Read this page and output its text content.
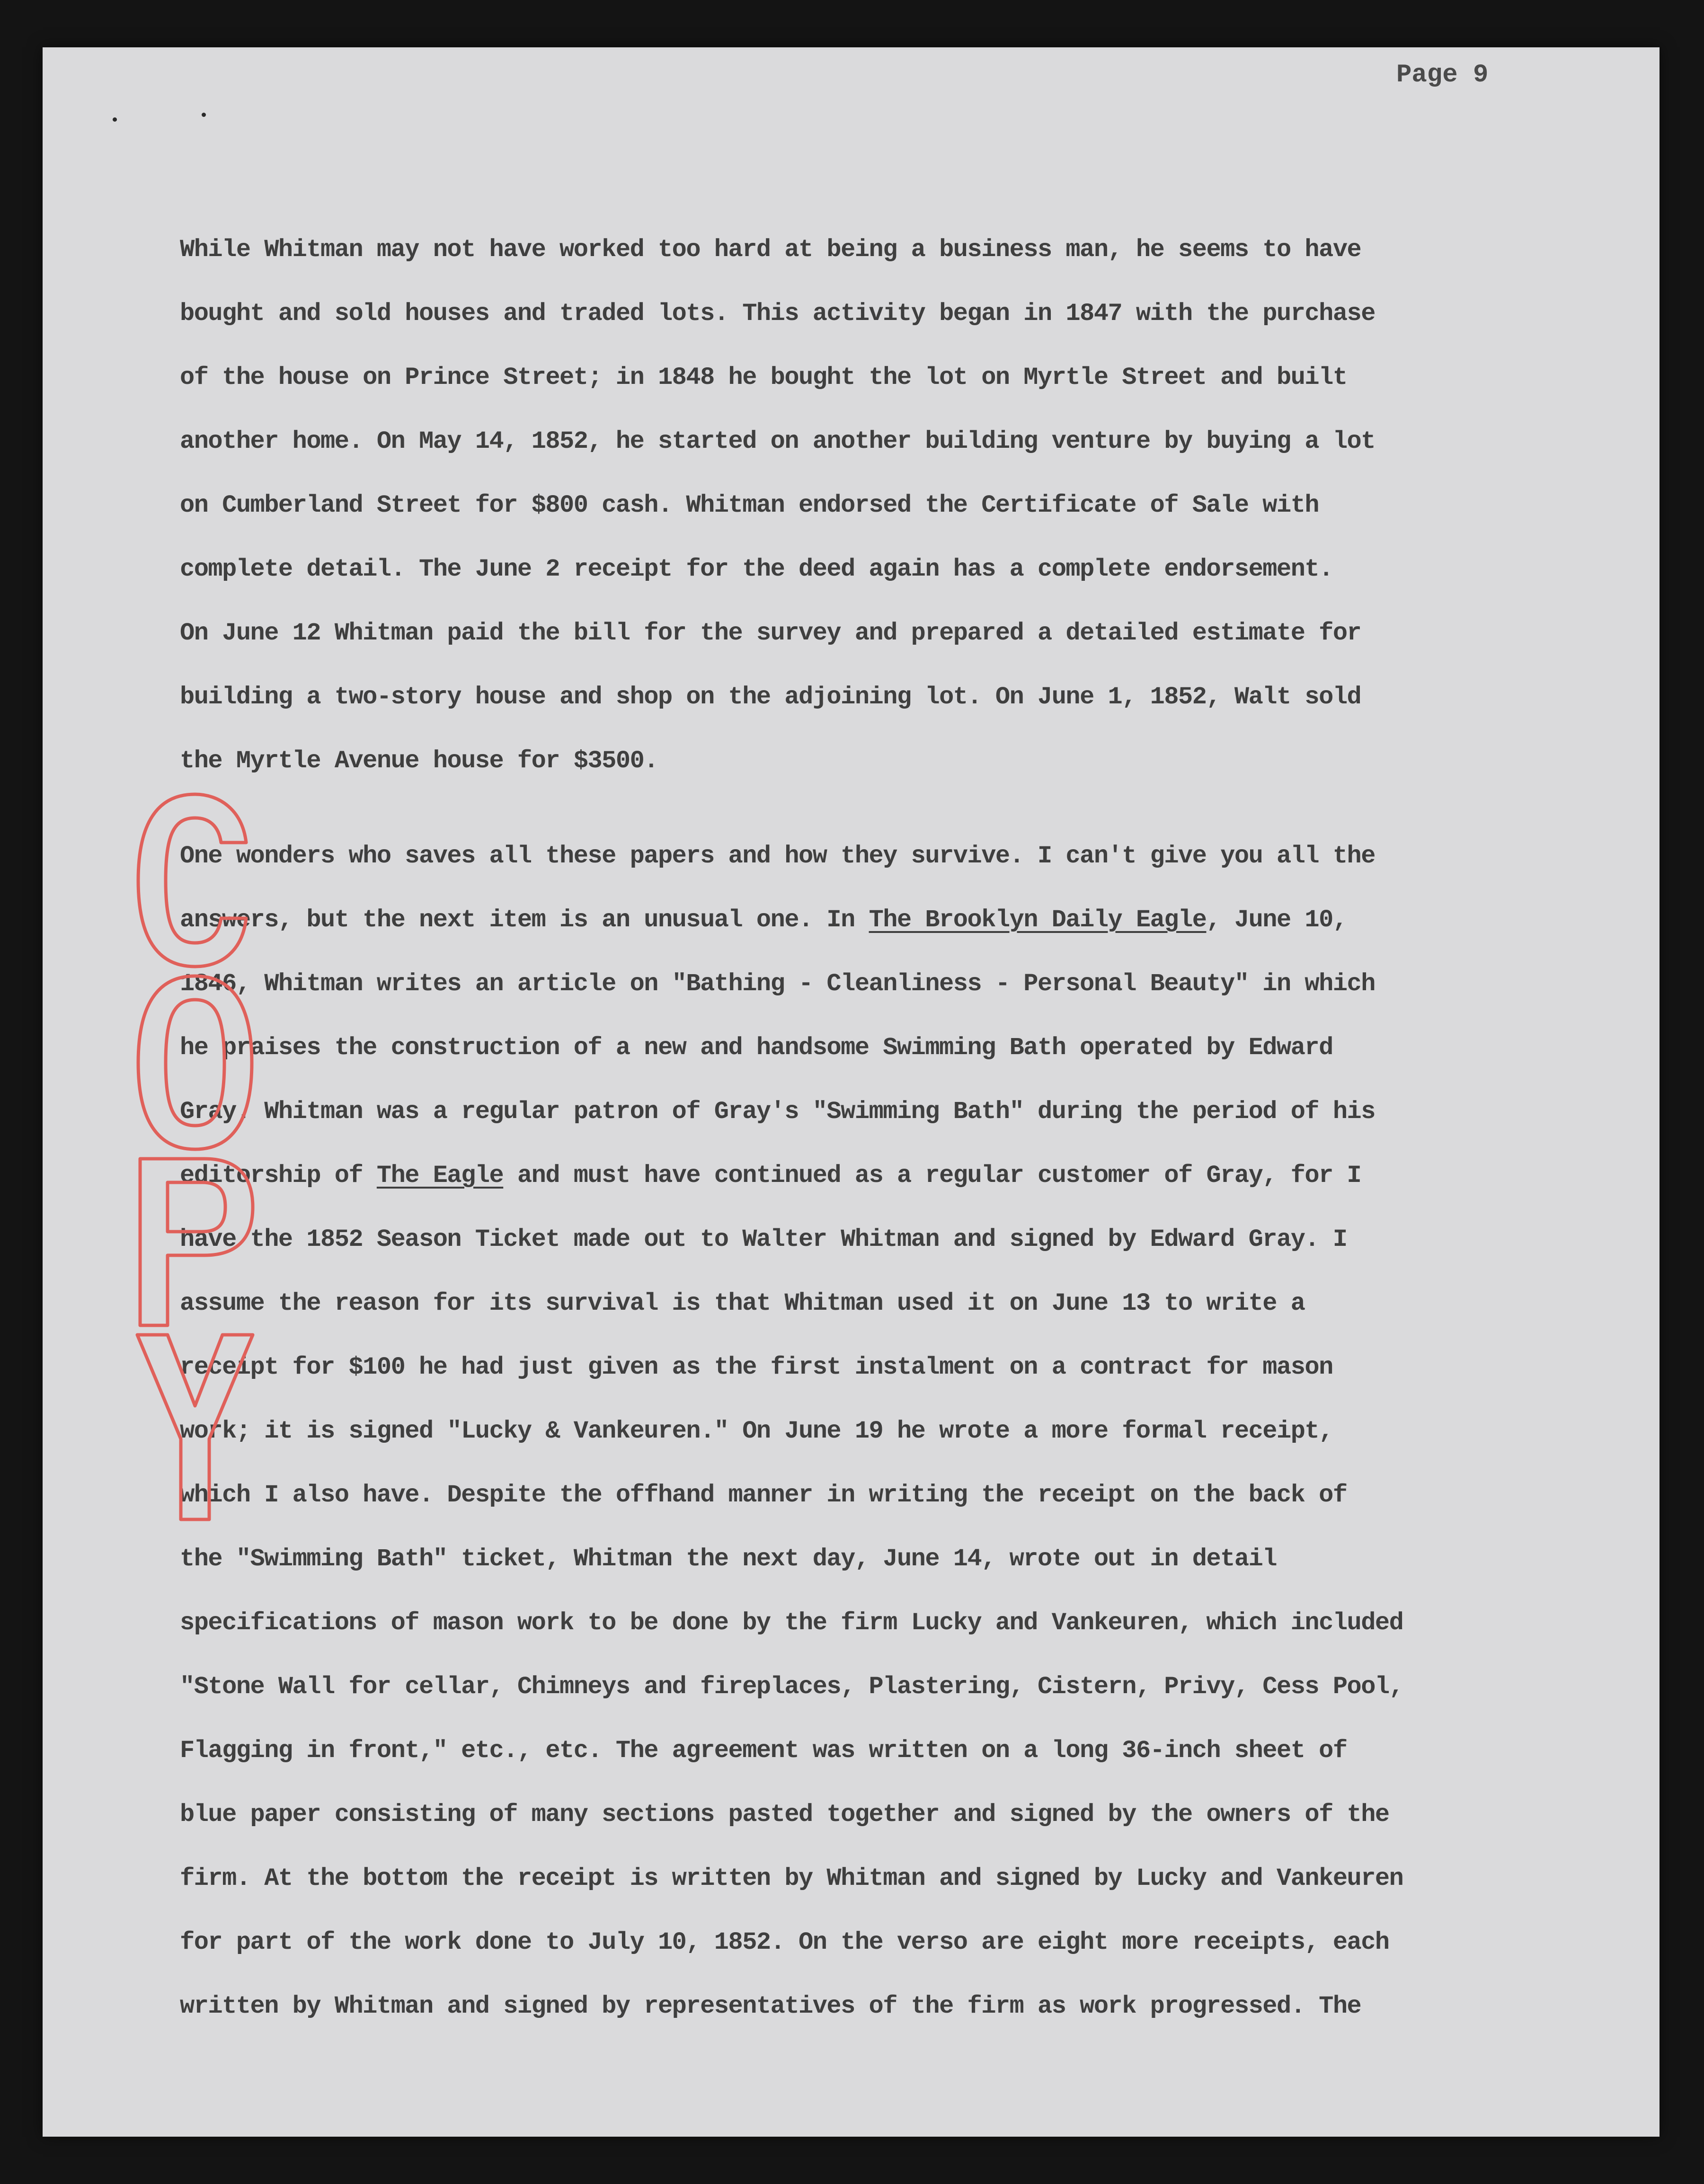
Page 9

While Whitman may not have worked too hard at being a business man, he seems to have

bought and sold houses and traded lots. This activity began in 1847 with the purchase

of the house on Prince Street; in 1848 he bought the lot on Myrtle Street and built

another home. On May 14, 1852, he started on another building venture by buying a lot

on Cumberland Street for $800 cash. Whitman endorsed the Certificate of Sale with

complete detail. The June 2 receipt for the deed again has a complete endorsement.

On June 12 Whitman paid the bill for the survey and prepared a detailed estimate for

building a two-story house and shop on the adjoining lot. On June 1, 1852, Walt sold

the Myrtle Avenue house for $3500.

One wonders who saves all these papers and how they survive. I can't give you all the

answers, but the next item is an unusual one. In The Brooklyn Daily Eagle, June 10,

1846, Whitman writes an article on "Bathing - Cleanliness - Personal Beauty" in which

he praises the construction of a new and handsome Swimming Bath operated by Edward

Gray. Whitman was a regular patron of Gray's "Swimming Bath" during the period of his

editorship of The Eagle and must have continued as a regular customer of Gray, for I

have the 1852 Season Ticket made out to Walter Whitman and signed by Edward Gray. I

assume the reason for its survival is that Whitman used it on June 13 to write a

receipt for $100 he had just given as the first instalment on a contract for mason

work; it is signed "Lucky & Vankeuren." On June 19 he wrote a more formal receipt,

which I also have. Despite the offhand manner in writing the receipt on the back of

the "Swimming Bath" ticket, Whitman the next day, June 14, wrote out in detail

specifications of mason work to be done by the firm Lucky and Vankeuren, which included

"Stone Wall for cellar, Chimneys and fireplaces, Plastering, Cistern, Privy, Cess Pool,

Flagging in front," etc., etc. The agreement was written on a long 36-inch sheet of

blue paper consisting of many sections pasted together and signed by the owners of the

firm. At the bottom the receipt is written by Whitman and signed by Lucky and Vankeuren

for part of the work done to July 10, 1852. On the verso are eight more receipts, each

written by Whitman and signed by representatives of the firm as work progressed. The
